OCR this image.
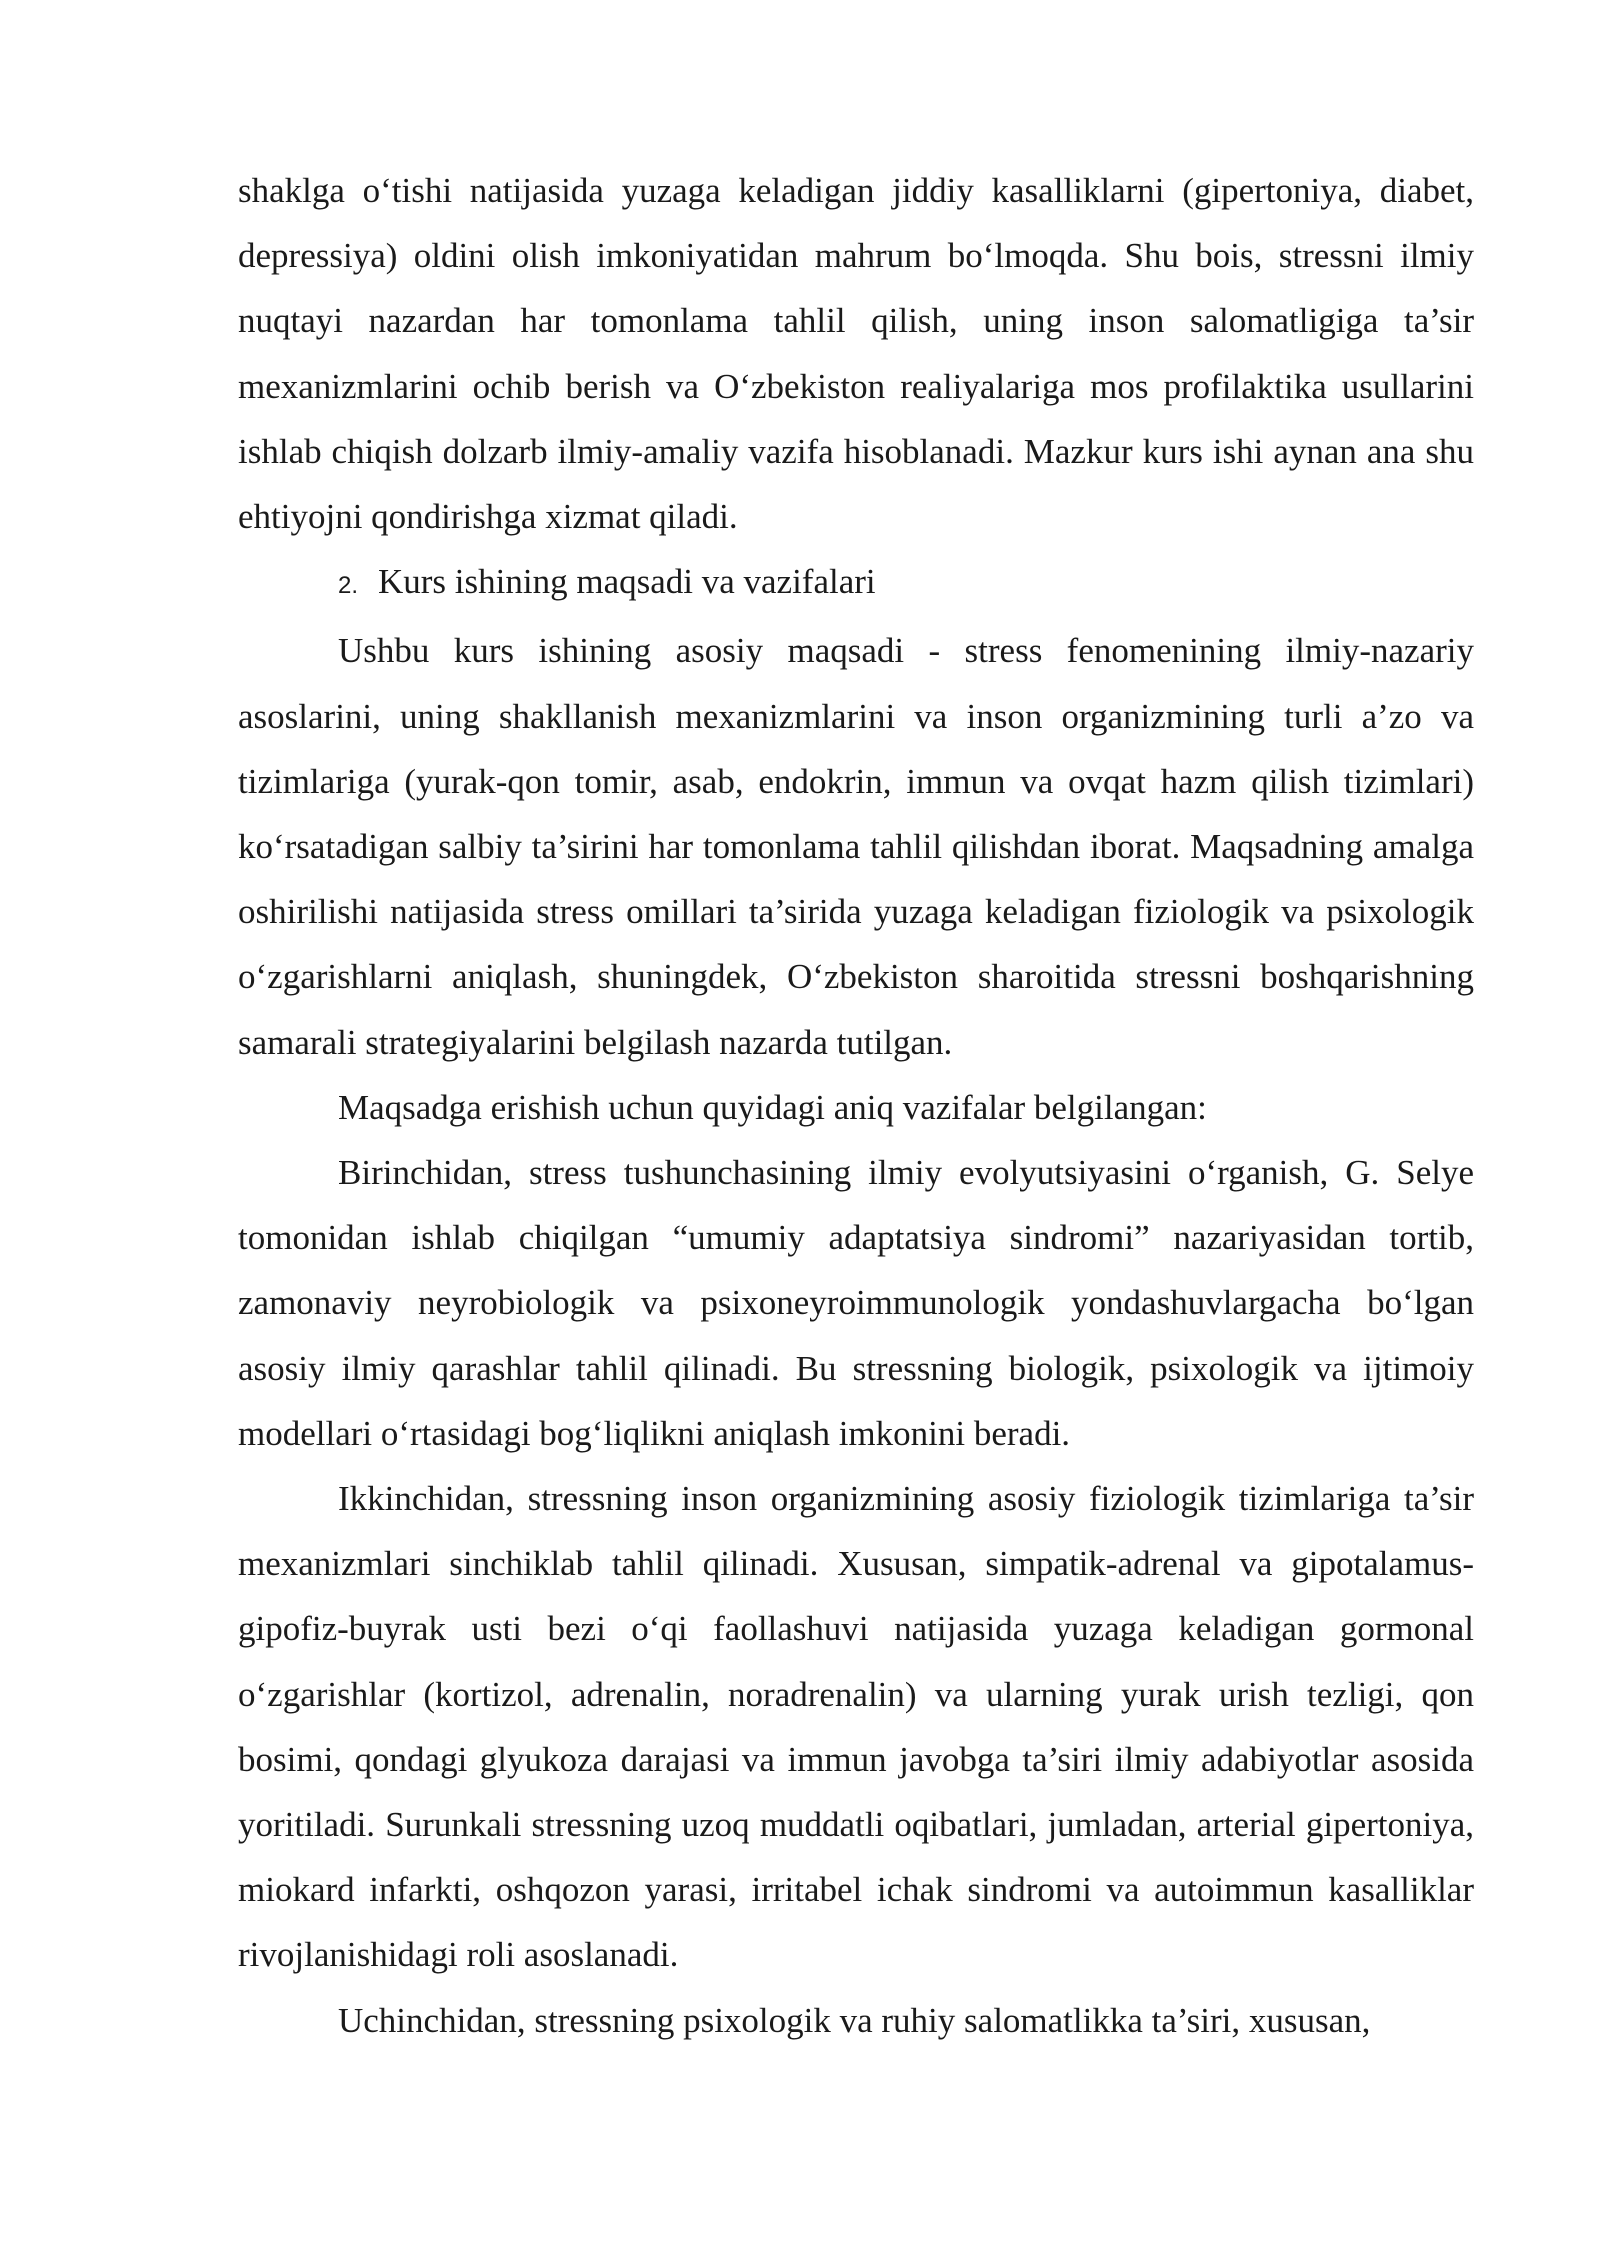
shaklga o‘tishi natijasida yuzaga keladigan jiddiy kasalliklarni (gipertoniya, diabet, depressiya) oldini olish imkoniyatidan mahrum bo‘lmoqda. Shu bois, stressni ilmiy nuqtayi nazardan har tomonlama tahlil qilish, uning inson salomatligiga ta’sir mexanizmlarini ochib berish va O‘zbekiston realiyalariga mos profilaktika usullarini ishlab chiqish dolzarb ilmiy-amaliy vazifa hisoblanadi. Mazkur kurs ishi aynan ana shu ehtiyojni qondirishga xizmat qiladi.

2. Kurs ishining maqsadi va vazifalari

Ushbu kurs ishining asosiy maqsadi - stress fenomenining ilmiy-nazariy asoslarini, uning shakllanish mexanizmlarini va inson organizmining turli a’zo va tizimlariga (yurak-qon tomir, asab, endokrin, immun va ovqat hazm qilish tizimlari) ko‘rsatadigan salbiy ta’sirini har tomonlama tahlil qilishdan iborat. Maqsadning amalga oshirilishi natijasida stress omillari ta’sirida yuzaga keladigan fiziologik va psixologik o‘zgarishlarni aniqlash, shuningdek, O‘zbekiston sharoitida stressni boshqarishning samarali strategiyalarini belgilash nazarda tutilgan.

Maqsadga erishish uchun quyidagi aniq vazifalar belgilangan:

Birinchidan, stress tushunchasining ilmiy evolyutsiyasini o‘rganish, G. Selye tomonidan ishlab chiqilgan “umumiy adaptatsiya sindromi” nazariyasidan tortib, zamonaviy neyrobiologik va psixoneyroimmunologik yondashuvlargacha bo‘lgan asosiy ilmiy qarashlar tahlil qilinadi. Bu stressning biologik, psixologik va ijtimoiy modellari o‘rtasidagi bog‘liqlikni aniqlash imkonini beradi.

Ikkinchidan, stressning inson organizmining asosiy fiziologik tizimlariga ta’sir mexanizmlari sinchiklab tahlil qilinadi. Xususan, simpatik-adrenal va gipotalamus-gipofiz-buyrak usti bezi o‘qi faollashuvi natijasida yuzaga keladigan gormonal o‘zgarishlar (kortizol, adrenalin, noradrenalin) va ularning yurak urish tezligi, qon bosimi, qondagi glyukoza darajasi va immun javobga ta’siri ilmiy adabiyotlar asosida yoritiladi. Surunkali stressning uzoq muddatli oqibatlari, jumladan, arterial gipertoniya, miokard infarkti, oshqozon yarasi, irritabel ichak sindromi va autoimmun kasalliklar rivojlanishidagi roli asoslanadi.

Uchinchidan, stressning psixologik va ruhiy salomatlikka ta’siri, xususan,
